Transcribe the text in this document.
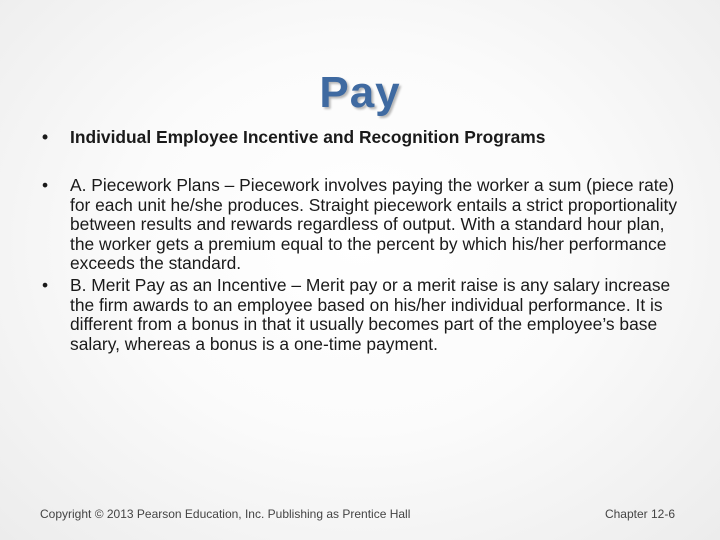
Pay
• Individual Employee Incentive and Recognition Programs
• A. Piecework Plans – Piecework involves paying the worker a sum (piece rate) for each unit he/she produces. Straight piecework entails a strict proportionality between results and rewards regardless of output. With a standard hour plan, the worker gets a premium equal to the percent by which his/her performance exceeds the standard.
• B. Merit Pay as an Incentive – Merit pay or a merit raise is any salary increase the firm awards to an employee based on his/her individual performance. It is different from a bonus in that it usually becomes part of the employee’s base salary, whereas a bonus is a one-time payment.
Copyright © 2013 Pearson Education, Inc. Publishing as Prentice Hall	Chapter 12-6
